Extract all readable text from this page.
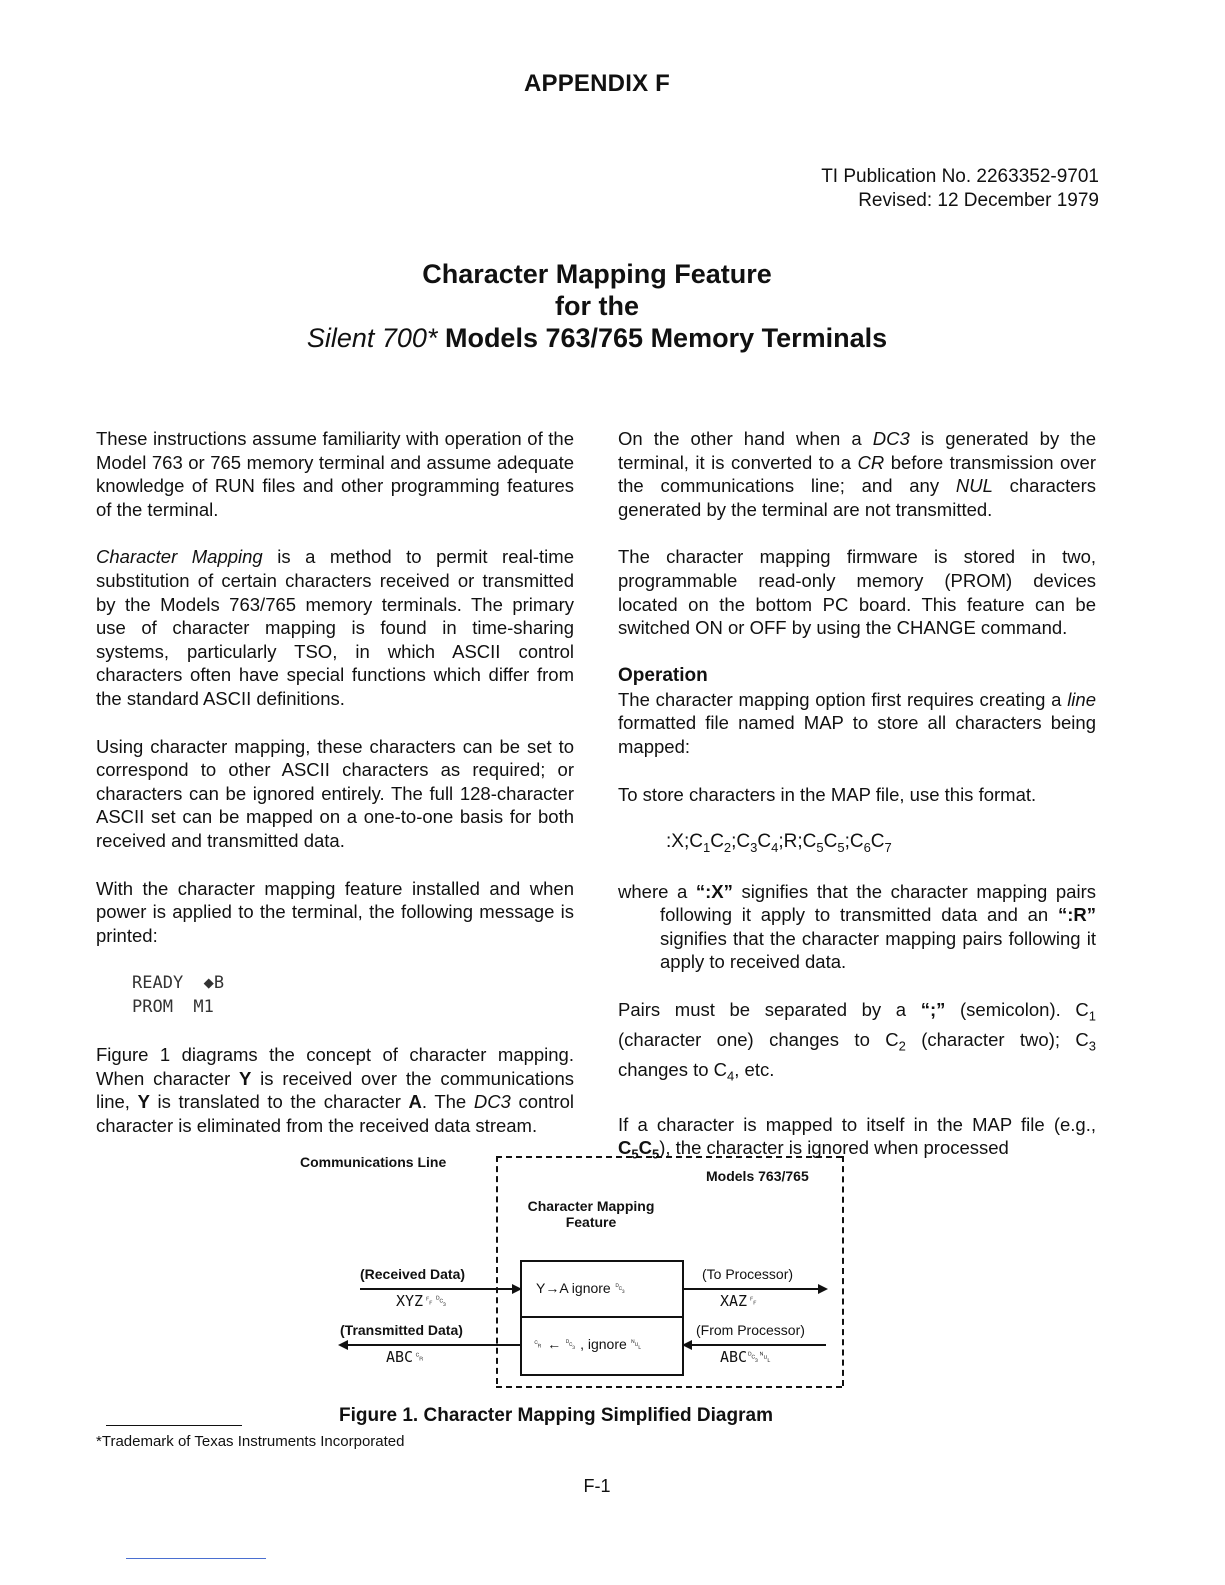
APPENDIX F
TI Publication No. 2263352-9701
Revised: 12 December 1979
Character Mapping Feature
for the
Silent 700* Models 763/765 Memory Terminals

These instructions assume familiarity with operation of the Model 763 or 765 memory terminal and assume adequate knowledge of RUN files and other programming features of the terminal.

Character Mapping is a method to permit real-time substitution of certain characters received or transmitted by the Models 763/765 memory terminals. The primary use of character mapping is found in time-sharing systems, particularly TSO, in which ASCII control characters often have special functions which differ from the standard ASCII definitions.

Using character mapping, these characters can be set to correspond to other ASCII characters as required; or characters can be ignored entirely. The full 128-character ASCII set can be mapped on a one-to-one basis for both received and transmitted data.

With the character mapping feature installed and when power is applied to the terminal, the following message is printed:

READY  ◆B
PROM  M1

Figure 1 diagrams the concept of character mapping. When character Y is received over the communications line, Y is translated to the character A. The DC3 control character is eliminated from the received data stream.

On the other hand when a DC3 is generated by the terminal, it is converted to a CR before transmission over the communications line; and any NUL characters generated by the terminal are not transmitted.

The character mapping firmware is stored in two, programmable read-only memory (PROM) devices located on the bottom PC board. This feature can be switched ON or OFF by using the CHANGE command.

Operation

The character mapping option first requires creating a line formatted file named MAP to store all characters being mapped:

To store characters in the MAP file, use this format.

$:X;C_1C_2;C_3C_4;R;C_5C_5;C_6C_7$

where a “:X” signifies that the character mapping pairs following it apply to transmitted data and an “:R” signifies that the character mapping pairs following it apply to received data.

Pairs must be separated by a “;” (semicolon). $C_1$ (character one) changes to $C_2$ (character two); $C_3$ changes to $C_4$, etc.

If a character is mapped to itself in the MAP file (e.g., $C_5C_5$), the character is ignored when processed

Communications Line
Models 763/765
Character Mapping
Feature
(Received Data)
XYZ␌␓
(Transmitted Data)
ABC␍
Y→A ignore ␓
␍ ← ␓ , ignore ␀
(To Processor)
XAZ␌
(From Processor)
ABC␓␀
Figure 1. Character Mapping Simplified Diagram
*Trademark of Texas Instruments Incorporated
F-1
